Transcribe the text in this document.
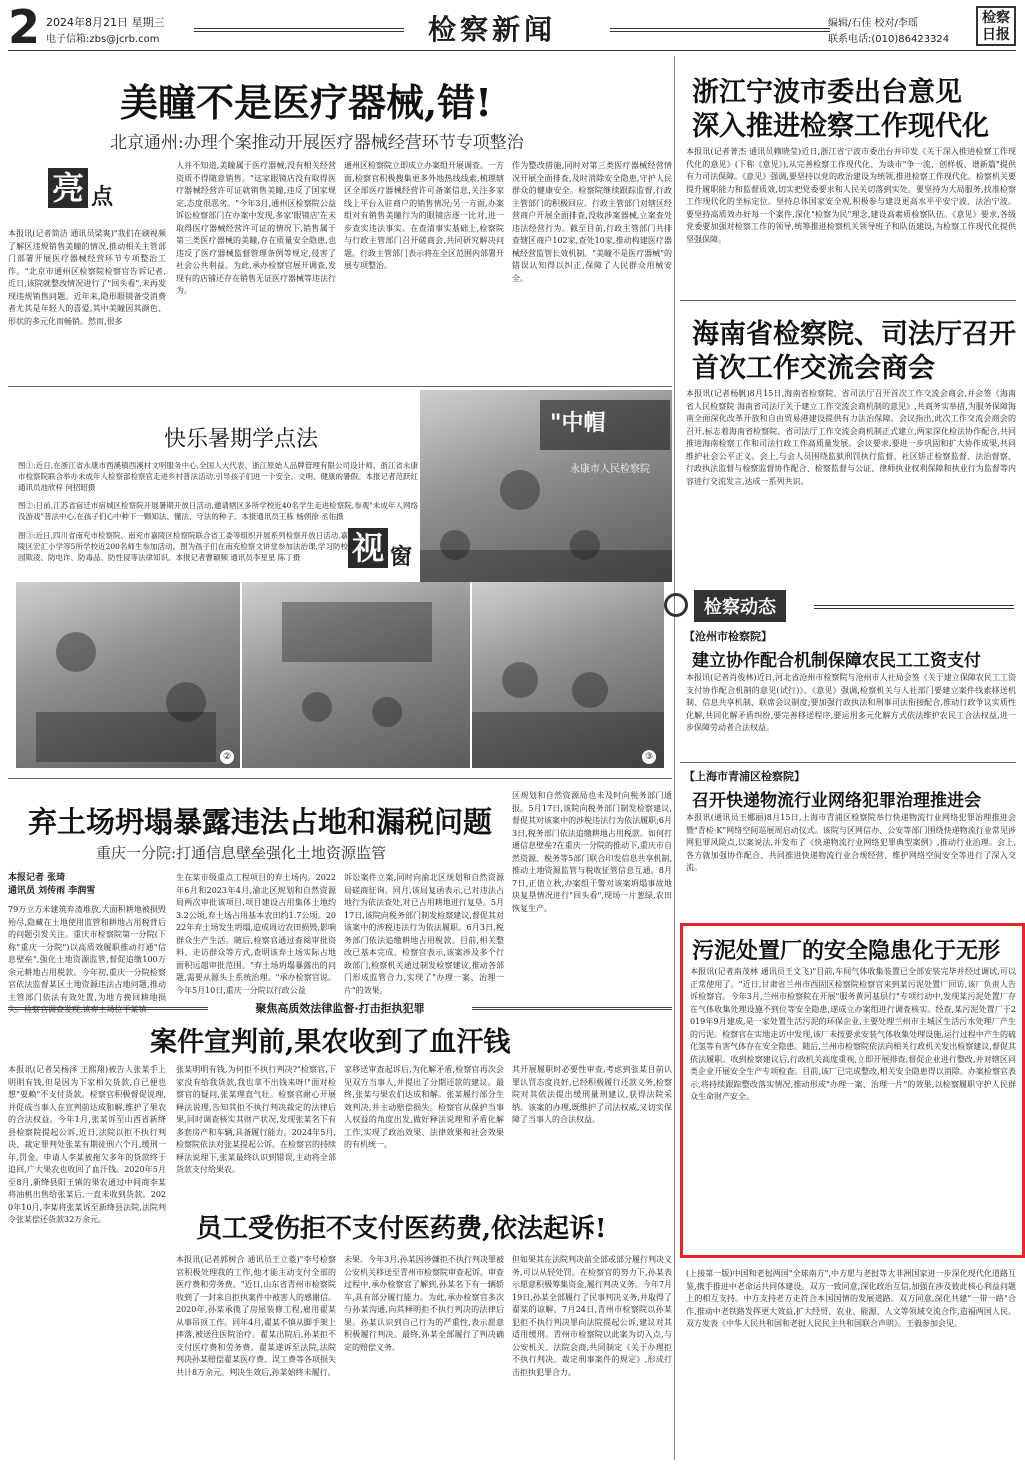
2 2024年8月21日 星期三
电子信箱:zbs@jcrb.com	检察新闻	编辑/石佳 校对/李瑶
联系电话:(010)86423324
检察日报
美瞳不是医疗器械,错!
北京通州:办理个案推动开展医疗器械经营环节专项整治
亮 点
本报讯(记者简洁 通讯员梁爽)"我们在刷视频了解区违规销售美瞳的情况,推动相关主管部门部署开展医疗器械经营环节专项整治工作。"北京市通州区检察院检察官告诉记者,近日,该院就整改情况进行了"回头看",未再发现违规销售问题。近年来,隐形眼镜备受消费者尤其是年轻人的喜爱,其中美瞳因其颜色、形状的多元化而畅销。然而,很多
人并不知道,美瞳属于医疗器械,没有相关经营资质不得随意销售。"这家眼镜店没有取得医疗器械经营许可证就销售美瞳,违反了国家规定,态度很恶劣。"今年3月,通州区检察院公益诉讼检察部门在办案中发现,多家'眼镜店'在未取得医疗器械经营许可证的情况下,销售属于第三类医疗器械的美瞳,存在质量安全隐患,也违反了医疗器械监督管理条例等规定,侵害了社会公共利益。为此,承办检察官展开调查,发现有的店铺还存在销售无证医疗器械等违法行为。
通州区检察院立即成立办案组开展调查。一方面,检察官积极搜集更多外地热线线索,梳理辖区全部医疗器械经营许可备案信息,关注多家线上平台入驻商户的销售情况;另一方面,办案组对有销售美瞳行为的眼镜店逐一比对,进一步查实违法事实。在查清事实基础上,检察院与行政主管部门召开磋商会,共同研究解决问题。行政主管部门表示将在全区范围内部署开展专项整治。
作为整改措施,同时对第三类医疗器械经营情况开展全面排查,及时消除安全隐患,守护人民群众的健康安全。检察院继续跟踪监督,行政主管部门的积极回应。行政主管部门对辖区经营商户开展全面排查,没收涉案器械,立案查处违法经营行为。截至目前,行政主管部门共排查辖区商户102家,查处10家,推动构建医疗器械经营监管长效机制。"美瞳不是医疗器械"的错误认知得以纠正,保障了人民群众用械安全。
快乐暑期学点法
图①:近日,在浙江省永康市西溪镇西溪村文明服务中心,全国人大代表、浙江原始人品牌管理有限公司设计师、浙江省永康市检察院联合举办未成年人检察部检察官走进乡村普法活动,引导孩子们进一个安全、文明、健康的暑假。本报记者范跃红 通讯员池欣梓 何招昭摄
图②:日前,江苏省宿迁市宿城区检察院开展暑期开放日活动,邀请辖区多所学校近40名学生走进检察院,参观"未成年人网络没游戏"普法中心,在孩子们心中种下一颗知法、懂法、守法的种子。本报通讯员王栋 杨朔徐 丞佑摄
图③:近日,四川省南充市检察院、南充市嘉陵区检察院联合省工委等组织开展系列检察开放日活动,嘉陵区宏汇小学等5所学校近200名师生参加活动。图为孩子们在南充检察文讲堂参加法治课,学习防校园欺凌、防电诈、防毒品、防性侵等法律知识。本报记者曹颖频 通讯员李星星 陈丁摄	视 窗
"中帽
永康市人民检察院
②	③
弃土场坍塌暴露违法占地和漏税问题
重庆一分院:打通信息壁垒强化土地资源监管
本报记者 张琦
通讯员 刘传雨 李润雪
79万立方米建筑弃渣堆放,大面积耕地被损毁殆尽,隐藏在土地使用监管和耕地占用税背后的问题引发关注。重庆市检察院第一分院(下称"重庆一分院")以高质效履职推动打通"信息壁垒",强化土地资源监管,督促追缴100万余元耕地占用税款。今年初,重庆一分院检察官依法监督某区土地资源违法占地问题,推动主管部门依法有效处置,为地方挽回耕地损失。检察官调查发现,该弃土场位于某镇
生在某市级重点工程项目的弃土场内。2022年6月和2023年4月,渝北区规划和自然资源局两次审批该项目,项目建设占用集体土地约3.2公顷,弃土场占用基本农田约1.7公顷。2022年弃土场发生坍塌,造成周边农田损毁,影响群众生产生活。随后,检察官通过查阅审批资料、走访群众等方式,查明该弃土场实际占地面积远超审批范围。"弃土场坍塌暴露出的问题,需要从源头上系统治理。"承办检察官说。今年5月10日,重庆一分院以行政公益
诉讼案件立案,同时向渝北区规划和自然资源局磋商征询。同月,该局复函表示,已对违法占地行为依法查处,对已占用耕地进行复垦。5月17日,该院向税务部门制发检察建议,督促其对该案中的涉税违法行为依法履职。6月3日,税务部门依法追缴耕地占用税款。目前,相关整改已基本完成。检察官表示,该案涉及多个行政部门,检察机关通过制发检察建议,推动各部门形成监管合力,实现了"办理一案、治理一片"的效果。
区规划和自然资源局也未及时向税务部门通报。5月17日,该院向税务部门制发检察建议,督促其对该案中的涉税违法行为依法履职;6月3日,税务部门依法追缴耕地占用税款。如何打通信息壁垒?在重庆一分院的推动下,重庆市自然资源、税务等5部门联合印发信息共享机制,推动土地资源监管与税收征管信息互通。8月7日,正值立秋,办案组干警对该案坍塌事故地块复垦情况进行"回头看",现场一片葱绿,农田恢复生产。
聚焦高质效法律监督·打击拒执犯罪
案件宣判前,果农收到了血汗钱
本报讯(记者吴杨泽 王熙翔)被告人张某手上明明有钱,但是因为下家相欠货款,自己便也想"耍赖"不支付货款。检察官积极督促说理,并促成当事人在宣判前达成和解,维护了果农的合法权益。今年1月,张某诉至山西省新绛县检察院提起公诉,近日,法院以拒不执行判决、裁定罪判处张某有期徒刑六个月,缓刑一年,罚金。申请人李某被拖欠多年的货款终于追回,广大果农也收回了血汗钱。2020年5月至8月,新绛县阳王镇的果农通过中间商李某将油桃出售给张某后,一直未收到货款。2020年10月,李某将张某诉至新绛县法院,法院判令张某偿还货款32万余元。
张某明明有钱,为何拒不执行判决?"检察官,下家没有给我货款,我也拿不出钱来呀!"面对检察官的疑问,张某理直气壮。检察官耐心开展释法说理,告知其拒不执行判决裁定的法律后果,同时调查核实其财产状况,发现张某名下有多套房产和车辆,具备履行能力。2024年5月,检察院依法对张某提起公诉。在检察官的持续释法说理下,张某最终认识到错误,主动将全部货款支付给果农。
家移送审查起诉后,为化解矛盾,检察官再次会见双方当事人,并提出了分期还款的建议。最终,张某与果农们达成和解。张某履行部分生效判决,并主动赔偿损失。检察官从保护当事人权益的角度出发,做好释法说理和矛盾化解工作,实现了政治效果、法律效果和社会效果的有机统一。
其开展履职时必要性审查,考虑到张某目前认罪认罚态度良好,已经积极履行还款义务,检察院对其依法提出缓刑量刑建议,获得法院采纳。该案的办理,既维护了司法权威,又切实保障了当事人的合法权益。
员工受伤拒不支付医药费,依法起诉!
本报讯(记者郭树合 通讯员王立菱)"李号检察官积极处理我的工作,他才能主动支付全部的医疗费和劳务费。"近日,山东省青州市检察院收到了一封来自拒执案件中被害人的感谢信。2020年,孙某承揽了房屋装修工程,雇用翟某从事吊顶工作。同年4月,翟某不慎从脚手架上摔落,被送往医院治疗。翟某出院后,孙某拒不支付医疗费和劳务费。翟某遂诉至法院,法院判决孙某赔偿翟某医疗费、误工费等各项损失共计8万余元。判决生效后,孙某始终未履行。
未果。今年3月,孙某因涉嫌拒不执行判决罪被公安机关移送至青州市检察院审查起诉。审查过程中,承办检察官了解到,孙某名下有一辆轿车,具有部分履行能力。为此,承办检察官多次与孙某沟通,向其释明拒不执行判决的法律后果。孙某认识到自己行为的严重性,表示愿意积极履行判决。最终,孙某全部履行了判决确定的赔偿义务。
但如果其在法院判决前全部或部分履行判决义务,可以从轻处罚。在检察官的努力下,孙某表示愿意积极筹集资金,履行判决义务。今年7月19日,孙某全部履行了民事判决义务,并取得了翟某的谅解。7月24日,青州市检察院以孙某犯拒不执行判决罪向法院提起公诉,建议对其适用缓刑。青州市检察院以此案为切入点,与公安机关、法院会商,共同制定《关于办理拒不执行判决、裁定刑事案件的规定》,形成打击拒执犯罪合力。
浙江宁波市委出台意见
深入推进检察工作现代化
本报讯(记者菁杰 通讯员赖晓莹)近日,浙江省宁波市委出台并印发《关于深入推进检察工作现代化的意见》(下称《意见》),从完善检察工作现代化、为谈市"争一流、创样板、谱新篇"提供有力司法保障。《意见》强调,要坚持以党的政治建设为统领,推进检察工作现代化。检察机关要提升履职能力和监督质效,切实把党委要求和人民关切落到实处。要坚持为大局服务,找准检察工作现代化的坐标定位。坚持总体国家安全观,积极参与建设更高水平平安宁波、法治宁波。要坚持高质效办好每一个案件,深化"检察为民"理念,建设高素质检察队伍。《意见》要求,各级党委要加强对检察工作的领导,统筹推进检察机关领导班子和队伍建设,为检察工作现代化提供坚强保障。
海南省检察院、司法厅召开
首次工作交流会商会
本报讯(记者杨帆)8月15日,海南省检察院、省司法厅召开首次工作交流会商会,并会签《海南省人民检察院 海南省司法厅关于建立工作交流会商机制的意见》,共商务实举措,为服务保障海南全面深化改革开放和自由贸易港建设提供有力法治保障。会议指出,此次工作交流会商会的召开,标志着海南省检察院、省司法厅工作交流会商机制正式建立,两家深化检法协作配合,共同推进海南检察工作和司法行政工作高质量发展。会议要求,要进一步巩固和扩大协作成果,共同维护社会公平正义。会上,与会人员围绕监狱刑罚执行监督、社区矫正检察监督、法治督察、行政执法监督与检察监督协作配合、检察监督与公证、律师执业权利保障和执业行为监督等内容进行交流发言,达成一系列共识。
检察动态
【沧州市检察院】
建立协作配合机制保障农民工工资支付
本报讯(记者肖俊林)近日,河北省沧州市检察院与沧州市人社局会签《关于建立保障农民工工资支付协作配合机制的意见(试行)》。《意见》强调,检察机关与人社部门要建立案件线索移送机制、信息共享机制、联席会议制度;要加强行政执法和刑事司法衔接配合,推动行政争议实质性化解,共同化解矛盾纠纷,要完善移送程序,要运用多元化解方式依法维护农民工合法权益,进一步保障劳动者合法权益。
【上海市青浦区检察院】
召开快递物流行业网络犯罪治理推进会
本报讯(通讯员王娜丽)8月15日,上海市青浦区检察院举行快递物流行业网络犯罪治理推进会暨"青检·K"网络空间巡展周启动仪式。该院与区网信办、公安等部门围绕快递物流行业常见涉网犯罪风险点,以案说法,并发布了《快递物流行业网络犯罪典型案例》,推动行业治理。会上,各方就加强协作配合、共同推进快递物流行业合规经营、维护网络空间安全等进行了深入交流。
污泥处置厂的安全隐患化于无形
本报讯(记者南茂林 通讯员王文飞)"目前,车间气体收集装置已全部安装完毕并经过调试,可以正常使用了。"近日,甘肃省兰州市西固区检察院检察官来到某污泥处置厂回访,该厂负责人告诉检察官。今年3月,兰州市检察院在开展"服务黄河基层行"专项行动中,发现某污泥处置厂存在气体收集处理设施不到位等安全隐患,遂成立办案组进行调查核实。经查,某污泥处置厂于2019年9月建成,是一家处置生活污泥的环保企业,主要处理兰州市主城区生活污水处理厂产生的污泥。检察官在实地走访中发现,该厂未按要求安装气体收集处理设施,运行过程中产生的硫化氢等有害气体存在安全隐患。随后,兰州市检察院依法向相关行政机关发出检察建议,督促其依法履职。收到检察建议后,行政机关高度重视,立即开展排查,督促企业进行整改,并对辖区同类企业开展安全生产专项检查。目前,该厂已完成整改,相关安全隐患得以消除。办案检察官表示,将持续跟踪整改落实情况,推动形成"办理一案、治理一片"的效果,以检察履职守护人民群众生命财产安全。
(上接第一版)中国和老挝两国"全球南方",中方愿与老挝等大非洲国家进一步深化现代化道路互鉴,携手推进中老命运共同体建设。双方一致同意,深化政治互信,加强在涉及彼此核心利益问题上的相互支持。中方支持老方走符合本国国情的发展道路。双方同意,深化共建"一带一路"合作,推动中老铁路发挥更大效益,扩大经贸、农业、能源、人文等领域交流合作,造福两国人民。双方发表《中华人民共和国和老挝人民民主共和国联合声明》。王毅参加会见。
